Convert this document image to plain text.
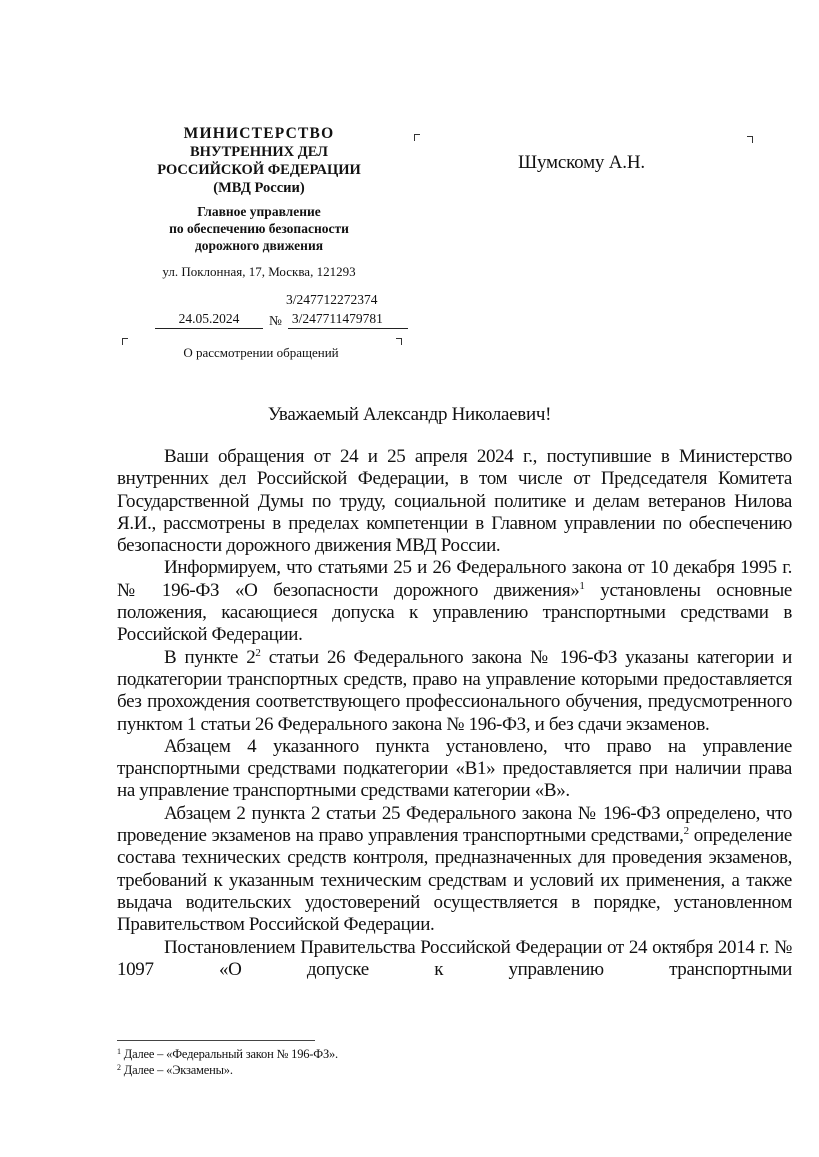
МИНИСТЕРСТВО
ВНУТРЕННИХ ДЕЛ
РОССИЙСКОЙ ФЕДЕРАЦИИ
(МВД России)
Главное управление
по обеспечению безопасности
дорожного движения
ул. Поклонная, 17, Москва, 121293
3/247712272374
24.05.2024	№ 3/247711479781
О рассмотрении обращений
Шумскому А.Н.
Уважаемый Александр Николаевич!

Ваши обращения от 24 и 25 апреля 2024 г., поступившие в Министерство внутренних дел Российской Федерации, в том числе от Председателя Комитета Государственной Думы по труду, социальной политике и делам ветеранов Нилова Я.И., рассмотрены в пределах компетенции в Главном управлении по обеспечению безопасности дорожного движения МВД России.

Информируем, что статьями 25 и 26 Федерального закона от 10 декабря 1995 г. № 196-ФЗ «О безопасности дорожного движения»$^1$ установлены основные положения, касающиеся допуска к управлению транспортными средствами в Российской Федерации.

В пункте $2^2$ статьи 26 Федерального закона № 196-ФЗ указаны категории и подкатегории транспортных средств, право на управление которыми предоставляется без прохождения соответствующего профессионального обучения, предусмотренного пунктом 1 статьи 26 Федерального закона № 196-ФЗ, и без сдачи экзаменов.

Абзацем 4 указанного пункта установлено, что право на управление транспортными средствами подкатегории «В1» предоставляется при наличии права на управление транспортными средствами категории «В».

Абзацем 2 пункта 2 статьи 25 Федерального закона № 196-ФЗ определено, что проведение экзаменов на право управления транспортными средствами,$^2$ определение состава технических средств контроля, предназначенных для проведения экзаменов, требований к указанным техническим средствам и условий их применения, а также выдача водительских удостоверений осуществляется в порядке, установленном Правительством Российской Федерации.

Постановлением Правительства Российской Федерации от 24 октября 2014 г. № 1097 «О допуске к управлению транспортными

$^1$ Далее – «Федеральный закон № 196-ФЗ».
$^2$ Далее – «Экзамены».
